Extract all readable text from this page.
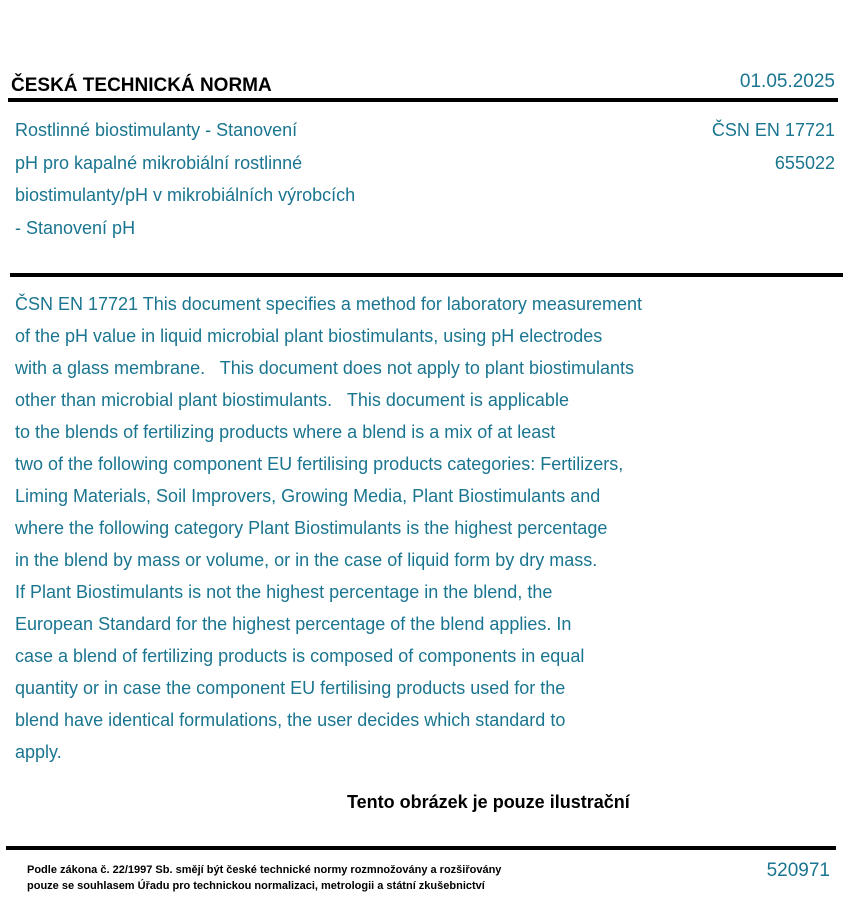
ČESKÁ TECHNICKÁ NORMA	01.05.2025
Rostlinné biostimulanty - Stanovení
pH pro kapalné mikrobiální rostlinné
biostimulanty/pH v mikrobiálních výrobcích
- Stanovení pH
ČSN EN 17721
655022
ČSN EN 17721 This document specifies a method for laboratory measurement
of the pH value in liquid microbial plant biostimulants, using pH electrodes
with a glass membrane.   This document does not apply to plant biostimulants
other than microbial plant biostimulants.   This document is applicable
to the blends of fertilizing products where a blend is a mix of at least
two of the following component EU fertilising products categories: Fertilizers,
Liming Materials, Soil Improvers, Growing Media, Plant Biostimulants and
where the following category Plant Biostimulants is the highest percentage
in the blend by mass or volume, or in the case of liquid form by dry mass.
If Plant Biostimulants is not the highest percentage in the blend, the
European Standard for the highest percentage of the blend applies. In
case a blend of fertilizing products is composed of components in equal
quantity or in case the component EU fertilising products used for the
blend have identical formulations, the user decides which standard to
apply.
Tento obrázek je pouze ilustrační
Podle zákona č. 22/1997 Sb. smějí být české technické normy rozmnožovány a rozšiřovány
pouze se souhlasem Úřadu pro technickou normalizaci, metrologii a státní zkušebnictví
520971
